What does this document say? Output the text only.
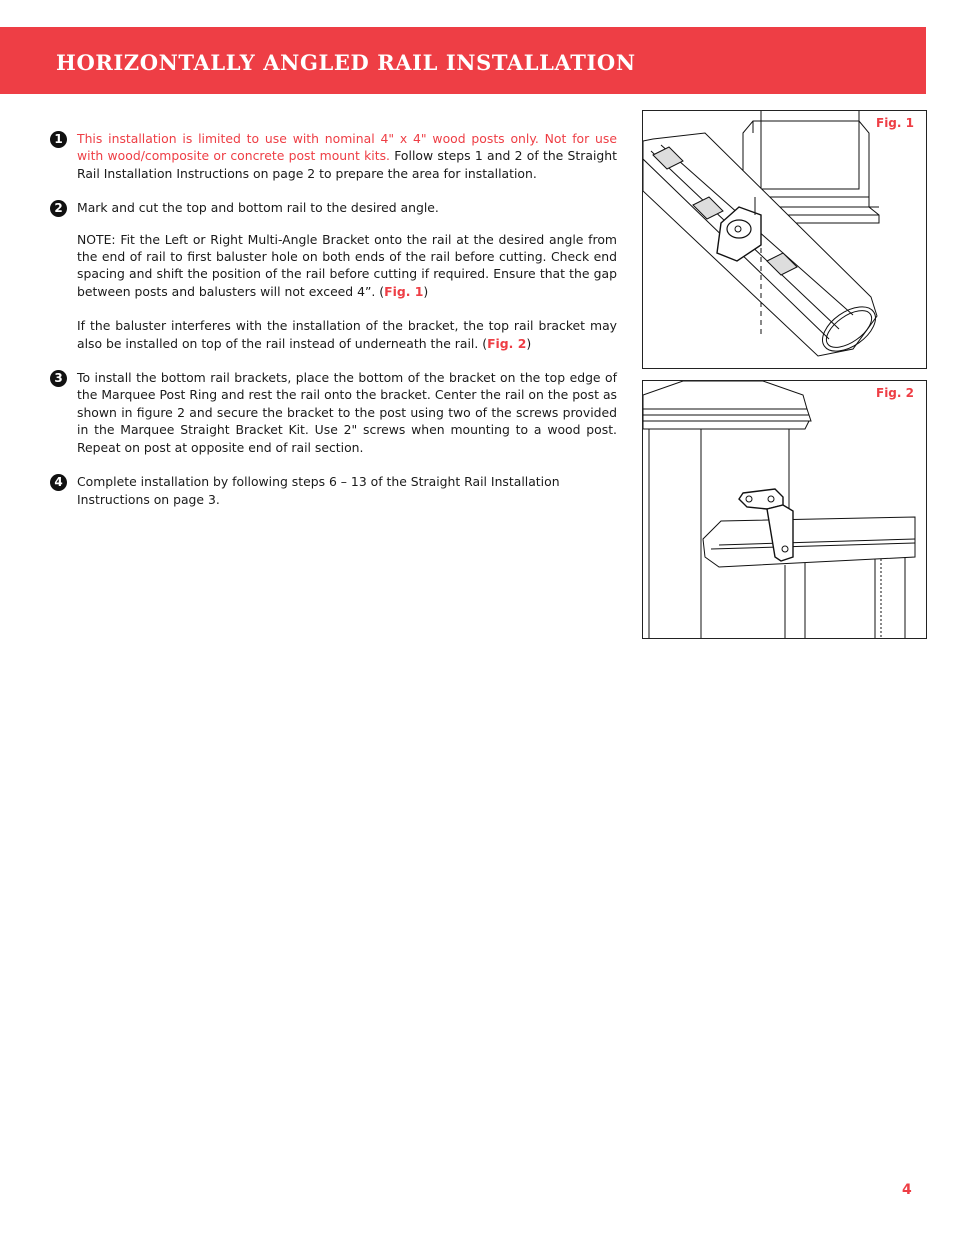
HORIZONTALLY ANGLED RAIL INSTALLATION
1	This installation is limited to use with nominal 4" x 4" wood posts only. Not for use with wood/composite or concrete post mount kits. Follow steps 1 and 2 of the Straight Rail Installation Instructions on page 2 to prepare the area for installation.

2	Mark and cut the top and bottom rail to the desired angle.

NOTE: Fit the Left or Right Multi-Angle Bracket onto the rail at the desired angle from the end of rail to first baluster hole on both ends of the rail before cutting. Check end spacing and shift the position of the rail before cutting if required. Ensure that the gap between posts and balusters will not exceed 4”. (Fig. 1)

If the baluster interferes with the installation of the bracket, the top rail bracket may also be installed on top of the rail instead of underneath the rail. (Fig. 2)

3	To install the bottom rail brackets, place the bottom of the bracket on the top edge of the Marquee Post Ring and rest the rail onto the bracket. Center the rail on the post as shown in figure 2 and secure the bracket to the post using two of the screws provided in the Marquee Straight Bracket Kit. Use 2" screws when mounting to a wood post. Repeat on post at opposite end of rail section.

4	Complete installation by following steps 6 – 13 of the Straight Rail Installation Instructions on page 3.

Fig. 1
Fig. 2
4
